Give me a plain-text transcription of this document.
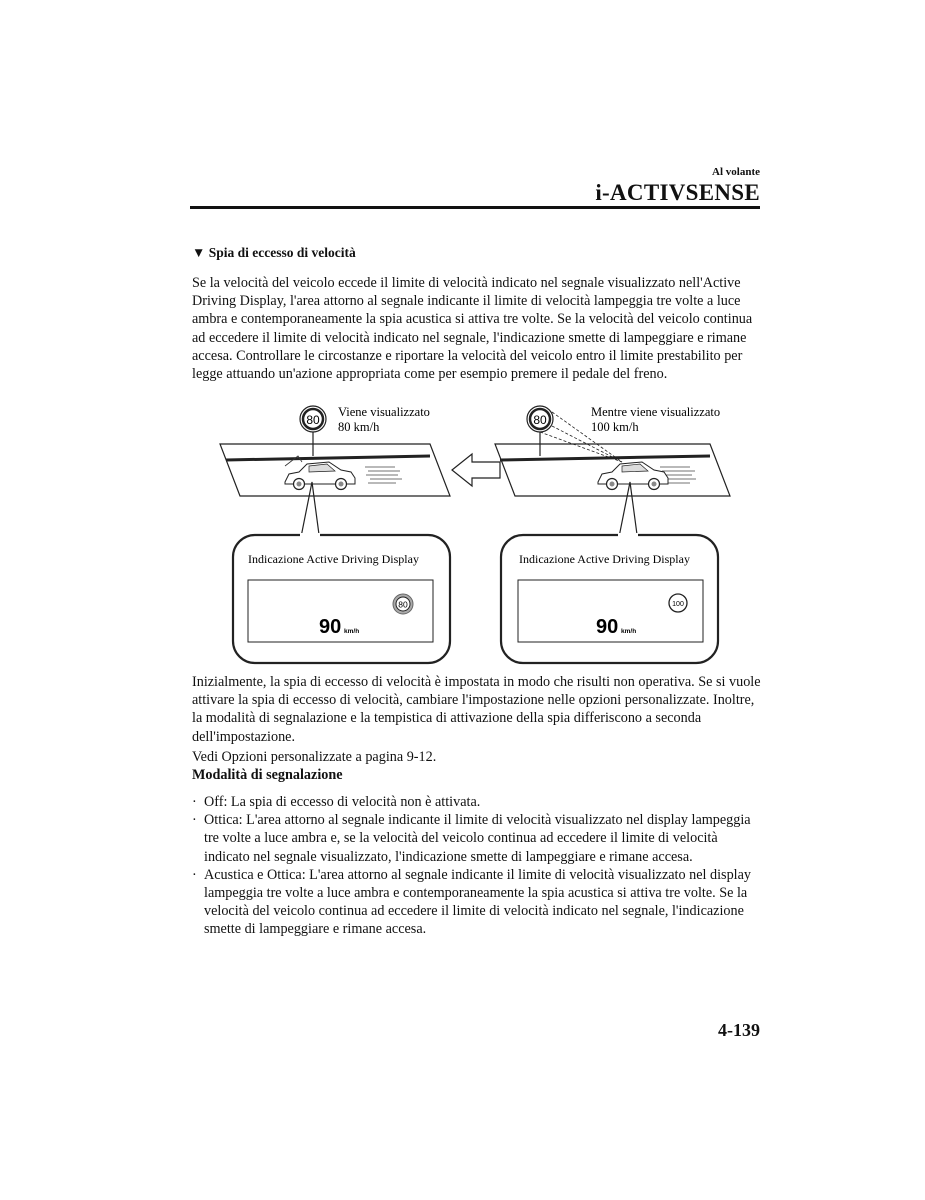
Al volante
i-ACTIVSENSE
▼ Spia di eccesso di velocità
Se la velocità del veicolo eccede il limite di velocità indicato nel segnale visualizzato nell'Active Driving Display, l'area attorno al segnale indicante il limite di velocità lampeggia tre volte a luce ambra e contemporaneamente la spia acustica si attiva tre volte. Se la velocità del veicolo continua ad eccedere il limite di velocità indicato nel segnale, l'indicazione smette di lampeggiare e rimane accesa. Controllare le circostanze e riportare la velocità del veicolo entro il limite prestabilito per legge attuando un'azione appropriata come per esempio premere il pedale del freno.
80
Viene visualizzato
80 km/h	80
Mentre viene visualizzato
100 km/h
Indicazione Active Driving Display
80
90 km/h
Indicazione Active Driving Display
100
90 km/h
Inizialmente, la spia di eccesso di velocità è impostata in modo che risulti non operativa. Se si vuole attivare la spia di eccesso di velocità, cambiare l'impostazione nelle opzioni personalizzate. Inoltre, la modalità di segnalazione e la tempistica di attivazione della spia differiscono a seconda dell'impostazione.
Vedi Opzioni personalizzate a pagina 9-12.
Modalità di segnalazione
· Off: La spia di eccesso di velocità non è attivata.
· Ottica: L'area attorno al segnale indicante il limite di velocità visualizzato nel display lampeggia tre volte a luce ambra e, se la velocità del veicolo continua ad eccedere il limite di velocità indicato nel segnale visualizzato, l'indicazione smette di lampeggiare e rimane accesa.
· Acustica e Ottica: L'area attorno al segnale indicante il limite di velocità visualizzato nel display lampeggia tre volte a luce ambra e contemporaneamente la spia acustica si attiva tre volte. Se la velocità del veicolo continua ad eccedere il limite di velocità indicato nel segnale, l'indicazione smette di lampeggiare e rimane accesa.
4-139
